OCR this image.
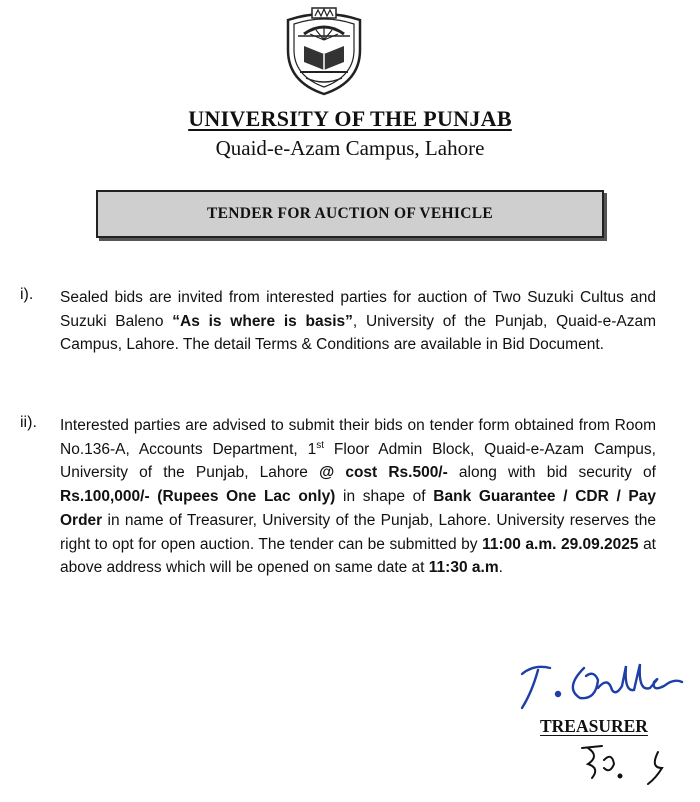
UNIVERSITY OF THE PUNJAB
Quaid-e-Azam Campus, Lahore
TENDER FOR AUCTION OF VEHICLE
i). Sealed bids are invited from interested parties for auction of Two Suzuki Cultus and Suzuki Baleno “As is where is basis”, University of the Punjab, Quaid-e-Azam Campus, Lahore. The detail Terms & Conditions are available in Bid Document.
ii). Interested parties are advised to submit their bids on tender form obtained from Room No.136-A, Accounts Department, 1st Floor Admin Block, Quaid-e-Azam Campus, University of the Punjab, Lahore @ cost Rs.500/- along with bid security of Rs.100,000/- (Rupees One Lac only) in shape of Bank Guarantee / CDR / Pay Order in name of Treasurer, University of the Punjab, Lahore. University reserves the right to opt for open auction. The tender can be submitted by 11:00 a.m. 29.09.2025 at above address which will be opened on same date at 11:30 a.m.
TREASURER
